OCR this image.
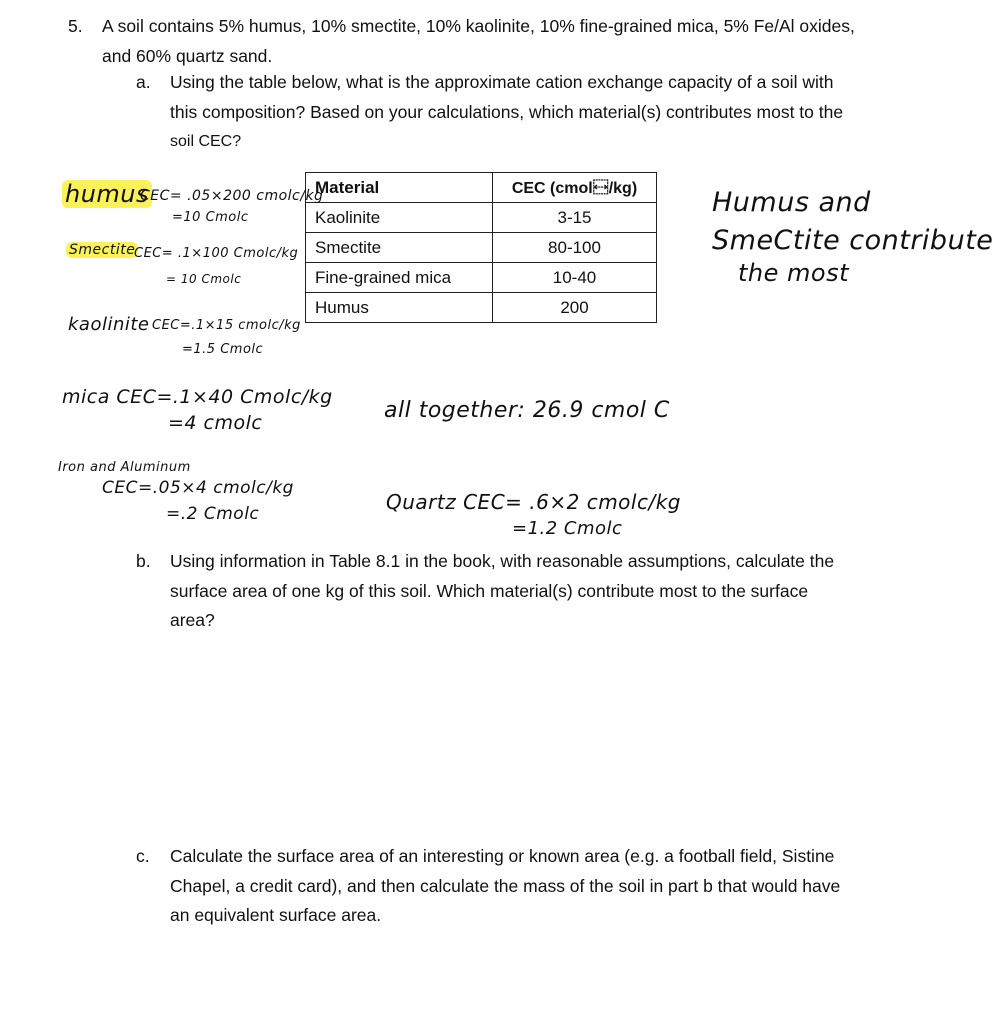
5. A soil contains 5% humus, 10% smectite, 10% kaolinite, 10% fine-grained mica, 5% Fe/Al oxides,
and 60% quartz sand.
a. Using the table below, what is the approximate cation exchange capacity of a soil with
this composition? Based on your calculations, which material(s) contributes most to the
soil CEC?
Material	CEC (cmol⿾/kg)
Kaolinite	3-15
Smectite	80-100
Fine-grained mica	10-40
Humus	200
humus
CEC= .05×200 cmolc/kg
=10 Cmolc
Smectite
CEC= .1×100 Cmolc/kg
= 10 Cmolc
kaolinite CEC=.1×15 cmolc/kg
=1.5 Cmolc
mica CEC=.1×40 Cmolc/kg
=4 cmolc
Iron and Aluminum
CEC=.05×4 cmolc/kg
=.2 Cmolc
all together: 26.9 cmol C
Quartz CEC= .6×2 cmolc/kg
=1.2 Cmolc
Humus and
SmeCtite contribute
the most
b. Using information in Table 8.1 in the book, with reasonable assumptions, calculate the
surface area of one kg of this soil. Which material(s) contribute most to the surface
area?
c. Calculate the surface area of an interesting or known area (e.g. a football field, Sistine
Chapel, a credit card), and then calculate the mass of the soil in part b that would have
an equivalent surface area.
